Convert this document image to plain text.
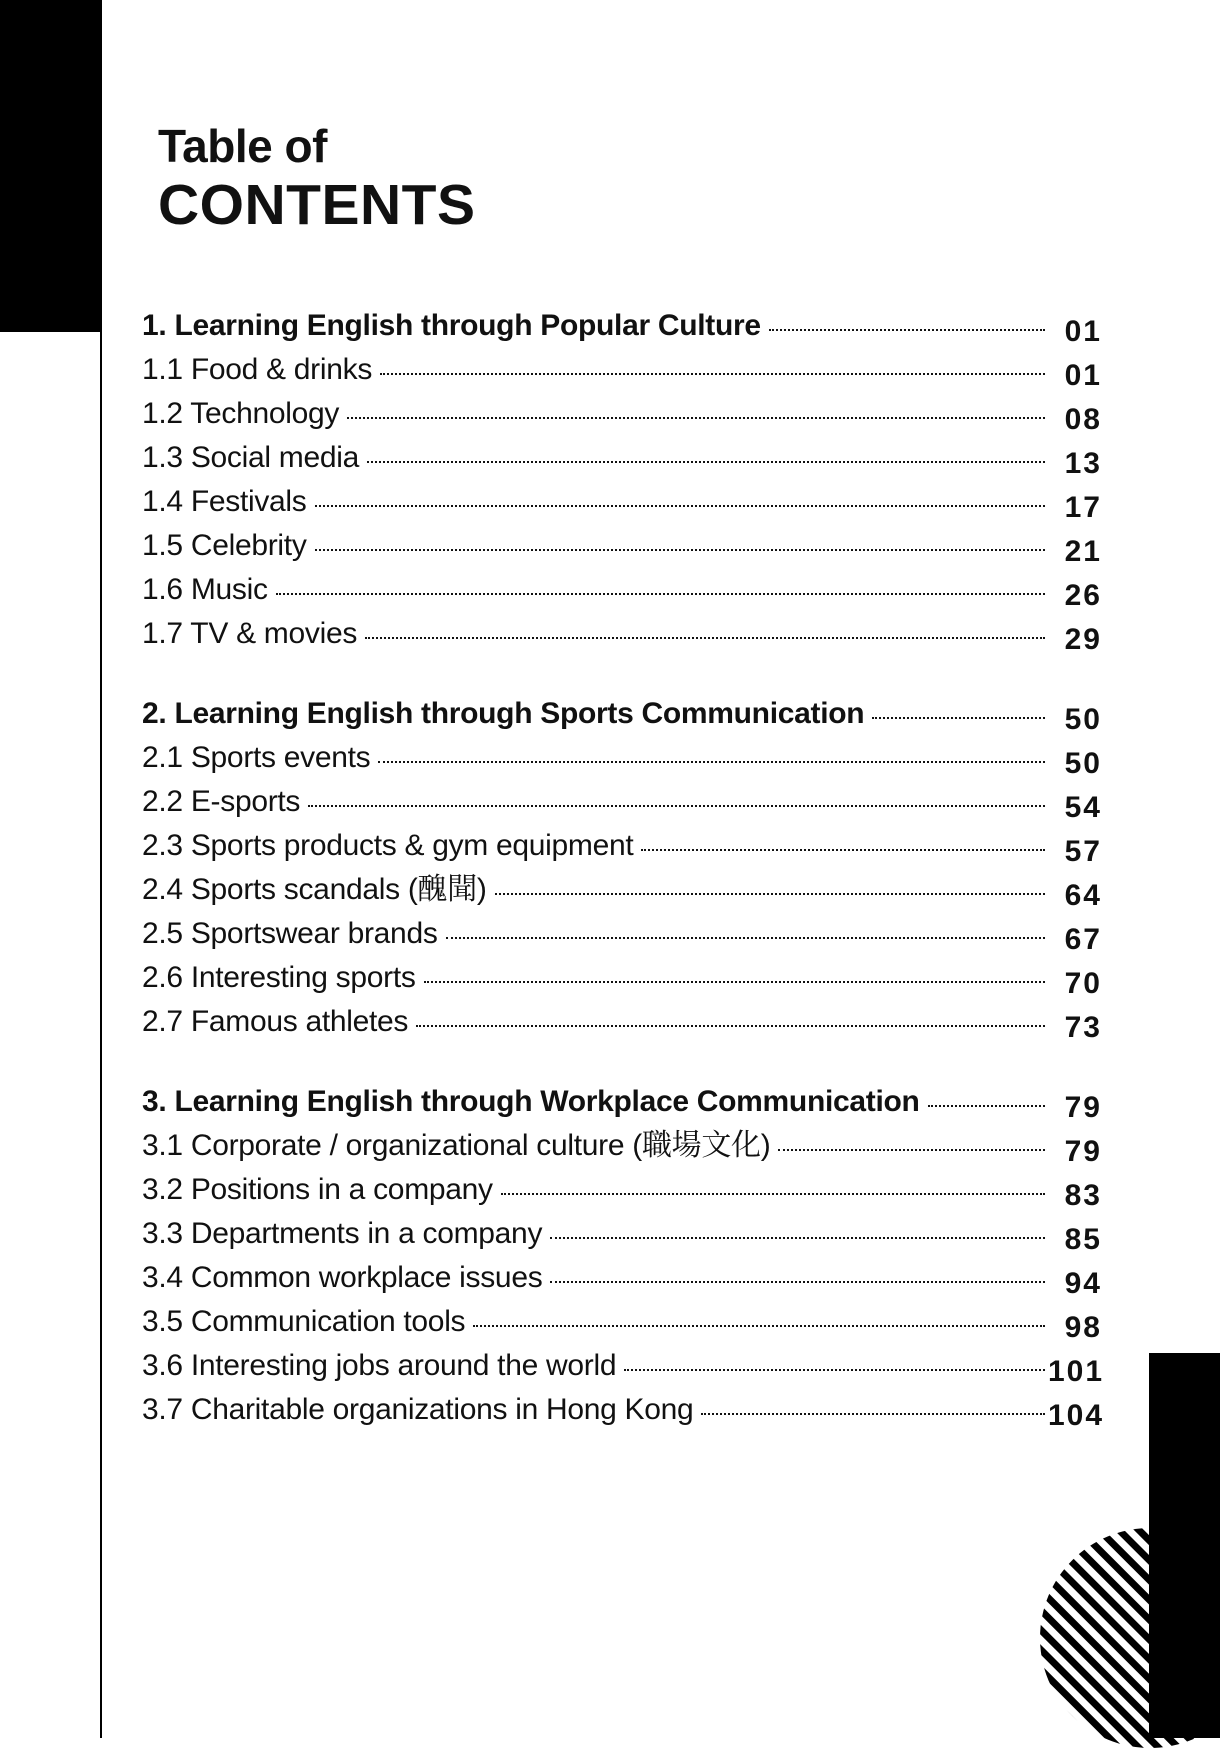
Table of
CONTENTS
1. Learning English through Popular Culture	01
1.1 Food & drinks	01
1.2 Technology	08
1.3 Social media	13
1.4 Festivals	17
1.5 Celebrity	21
1.6 Music	26
1.7 TV & movies	29
2. Learning English through Sports Communication	50
2.1 Sports events	50
2.2 E-sports	54
2.3 Sports products & gym equipment	57
2.4 Sports scandals (醜聞)	64
2.5 Sportswear brands	67
2.6 Interesting sports	70
2.7 Famous athletes	73
3. Learning English through Workplace Communication	79
3.1 Corporate / organizational culture (職場文化)	79
3.2 Positions in a company	83
3.3 Departments in a company	85
3.4 Common workplace issues	94
3.5 Communication tools	98
3.6 Interesting jobs around the world	101
3.7 Charitable organizations in Hong Kong	104
